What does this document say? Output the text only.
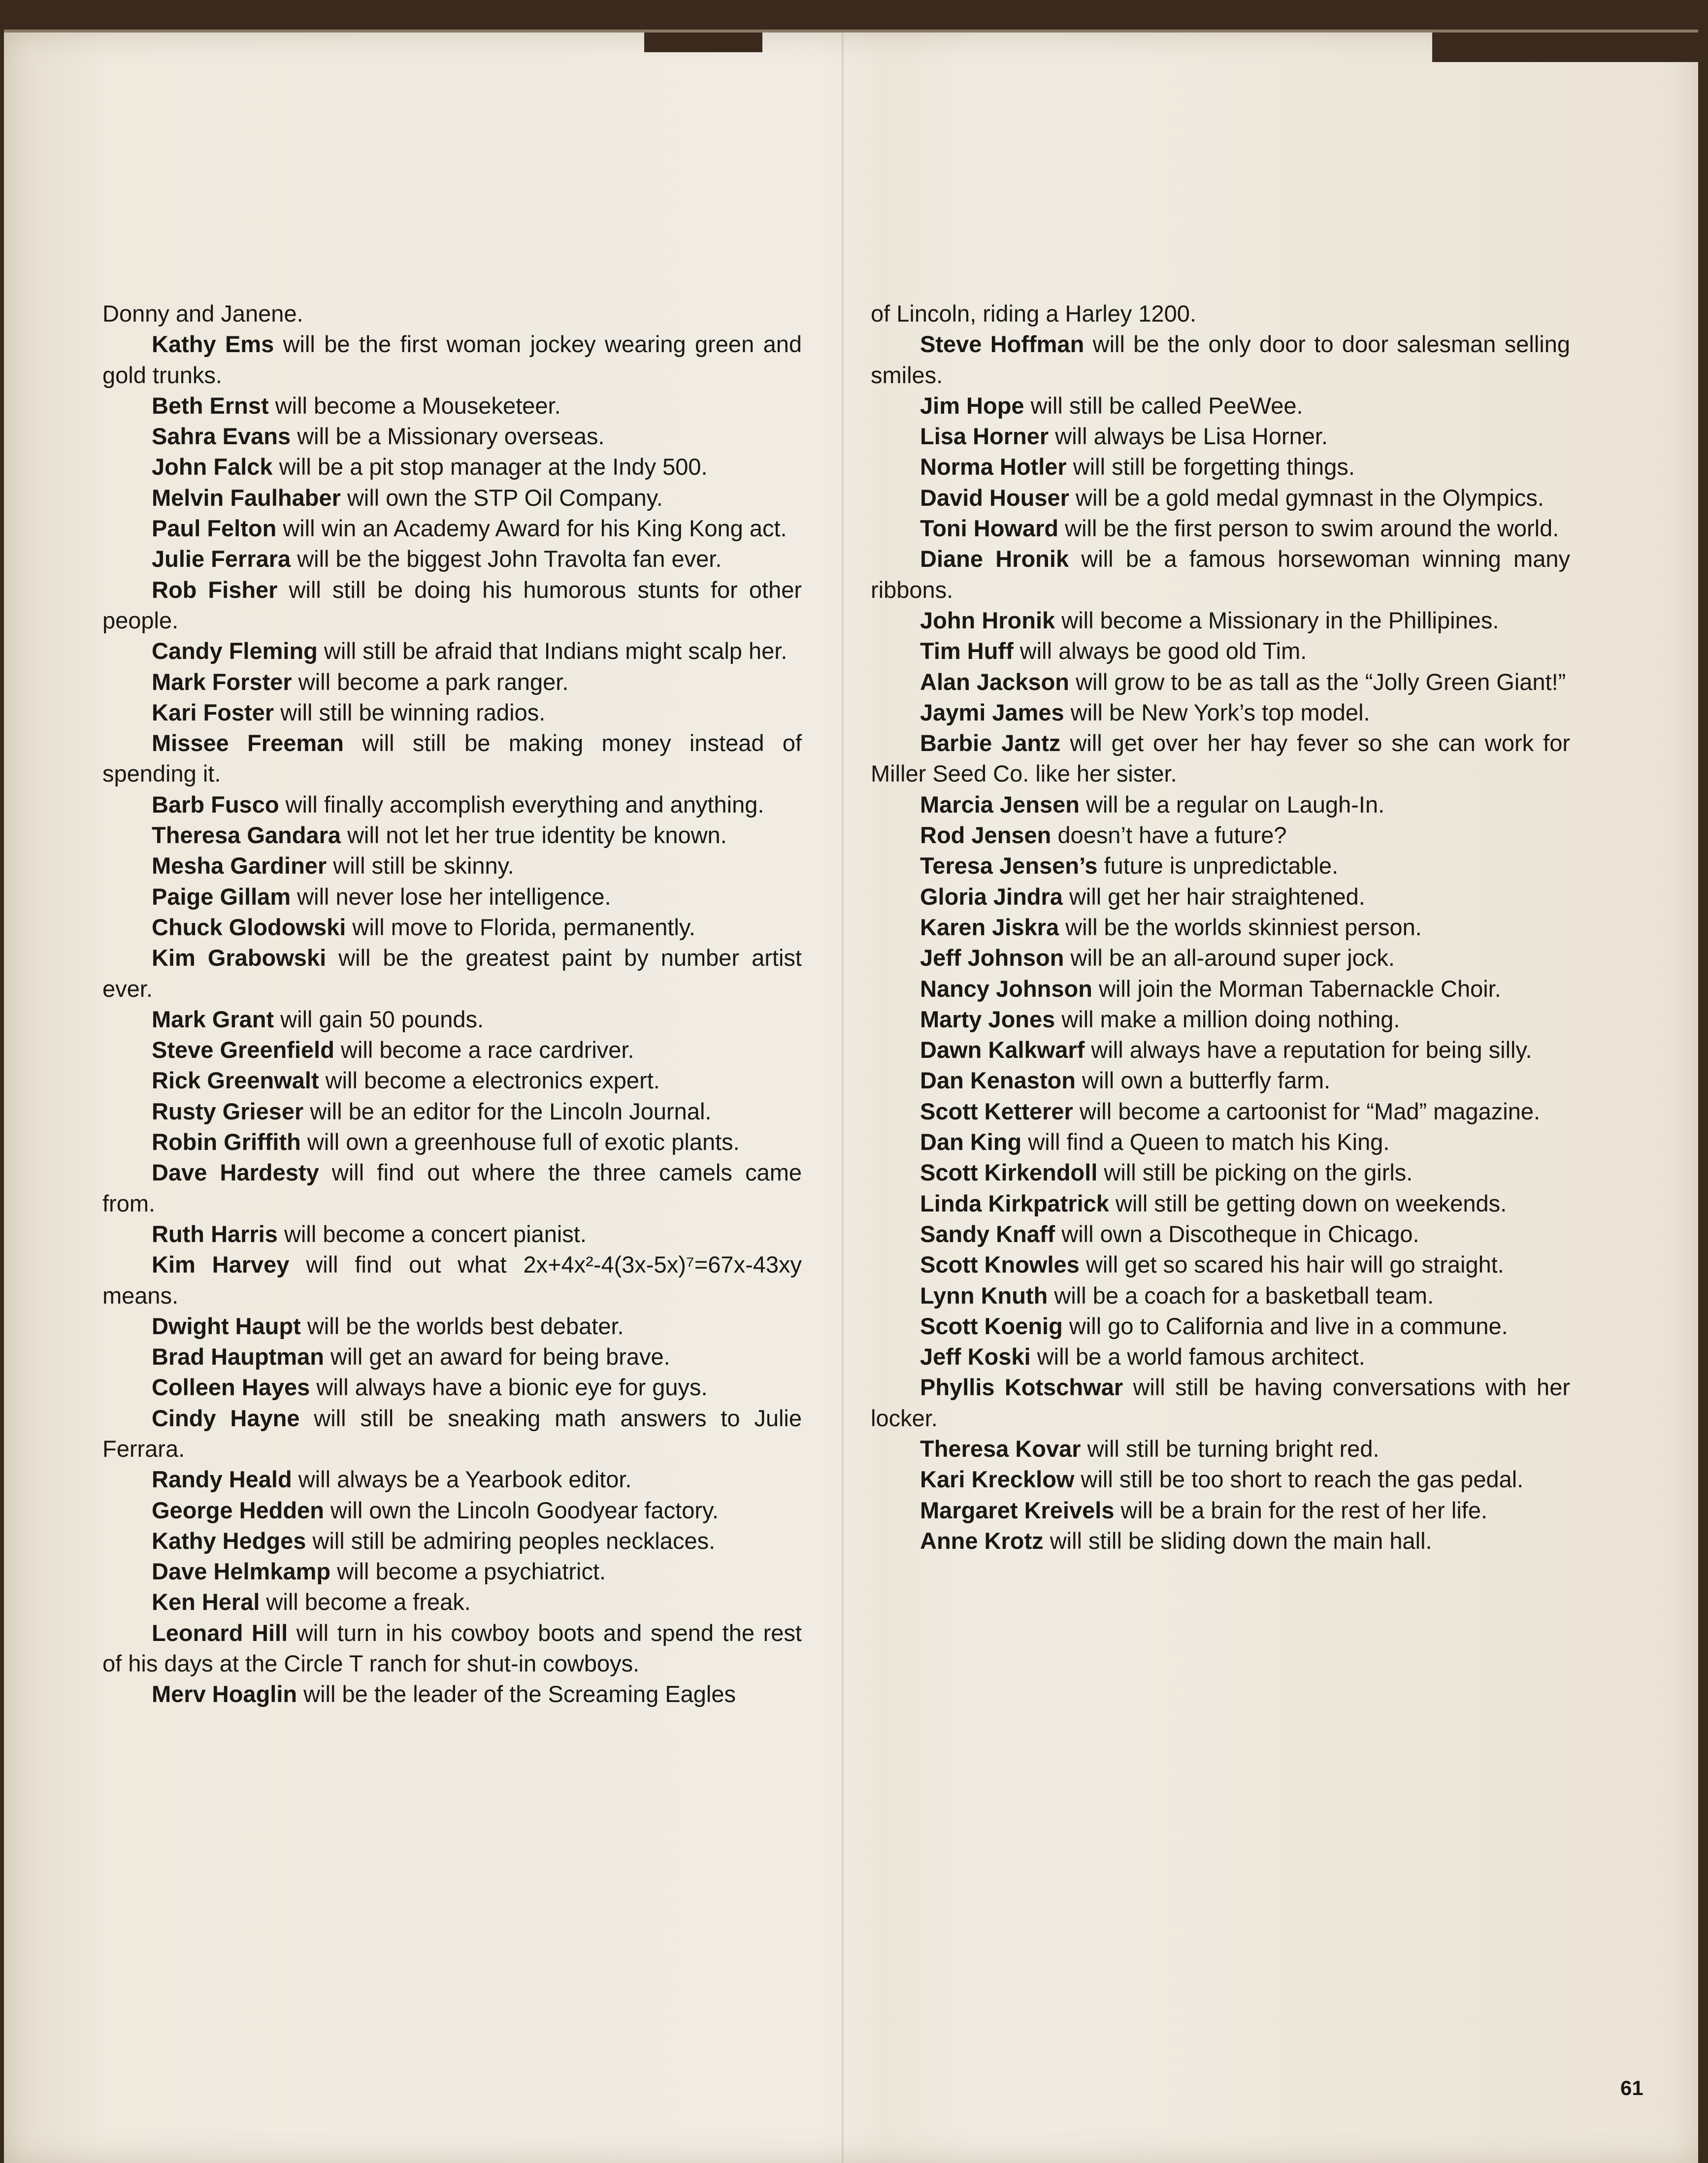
Donny and Janene.

Kathy Ems will be the first woman jockey wearing green and gold trunks.

Beth Ernst will become a Mouseketeer.

Sahra Evans will be a Missionary overseas.

John Falck will be a pit stop manager at the Indy 500.

Melvin Faulhaber will own the STP Oil Company.

Paul Felton will win an Academy Award for his King Kong act.

Julie Ferrara will be the biggest John Travolta fan ever.

Rob Fisher will still be doing his humorous stunts for other people.

Candy Fleming will still be afraid that Indians might scalp her.

Mark Forster will become a park ranger.

Kari Foster will still be winning radios.

Missee Freeman will still be making money instead of spending it.

Barb Fusco will finally accomplish everything and anything.

Theresa Gandara will not let her true identity be known.

Mesha Gardiner will still be skinny.

Paige Gillam will never lose her intelligence.

Chuck Glodowski will move to Florida, permanently.

Kim Grabowski will be the greatest paint by number artist ever.

Mark Grant will gain 50 pounds.

Steve Greenfield will become a race cardriver.

Rick Greenwalt will become a electronics expert.

Rusty Grieser will be an editor for the Lincoln Journal.

Robin Griffith will own a greenhouse full of exotic plants.

Dave Hardesty will find out where the three camels came from.

Ruth Harris will become a concert pianist.

Kim Harvey will find out what 2x+4x²-4(3x-5x)⁷=67x-43xy means.

Dwight Haupt will be the worlds best debater.

Brad Hauptman will get an award for being brave.

Colleen Hayes will always have a bionic eye for guys.

Cindy Hayne will still be sneaking math answers to Julie Ferrara.

Randy Heald will always be a Yearbook editor.

George Hedden will own the Lincoln Goodyear factory.

Kathy Hedges will still be admiring peoples necklaces.

Dave Helmkamp will become a psychiatrict.

Ken Heral will become a freak.

Leonard Hill will turn in his cowboy boots and spend the rest of his days at the Circle T ranch for shut-in cowboys.

Merv Hoaglin will be the leader of the Screaming Eagles

of Lincoln, riding a Harley 1200.

Steve Hoffman will be the only door to door salesman selling smiles.

Jim Hope will still be called PeeWee.

Lisa Horner will always be Lisa Horner.

Norma Hotler will still be forgetting things.

David Houser will be a gold medal gymnast in the Olympics.

Toni Howard will be the first person to swim around the world.

Diane Hronik will be a famous horsewoman winning many ribbons.

John Hronik will become a Missionary in the Phillipines.

Tim Huff will always be good old Tim.

Alan Jackson will grow to be as tall as the “Jolly Green Giant!”

Jaymi James will be New York’s top model.

Barbie Jantz will get over her hay fever so she can work for Miller Seed Co. like her sister.

Marcia Jensen will be a regular on Laugh-In.

Rod Jensen doesn’t have a future?

Teresa Jensen’s future is unpredictable.

Gloria Jindra will get her hair straightened.

Karen Jiskra will be the worlds skinniest person.

Jeff Johnson will be an all-around super jock.

Nancy Johnson will join the Morman Tabernackle Choir.

Marty Jones will make a million doing nothing.

Dawn Kalkwarf will always have a reputation for being silly.

Dan Kenaston will own a butterfly farm.

Scott Ketterer will become a cartoonist for “Mad” magazine.

Dan King will find a Queen to match his King.

Scott Kirkendoll will still be picking on the girls.

Linda Kirkpatrick will still be getting down on weekends.

Sandy Knaff will own a Discotheque in Chicago.

Scott Knowles will get so scared his hair will go straight.

Lynn Knuth will be a coach for a basketball team.

Scott Koenig will go to California and live in a commune.

Jeff Koski will be a world famous architect.

Phyllis Kotschwar will still be having conversations with her locker.

Theresa Kovar will still be turning bright red.

Kari Krecklow will still be too short to reach the gas pedal.

Margaret Kreivels will be a brain for the rest of her life.

Anne Krotz will still be sliding down the main hall.

61
